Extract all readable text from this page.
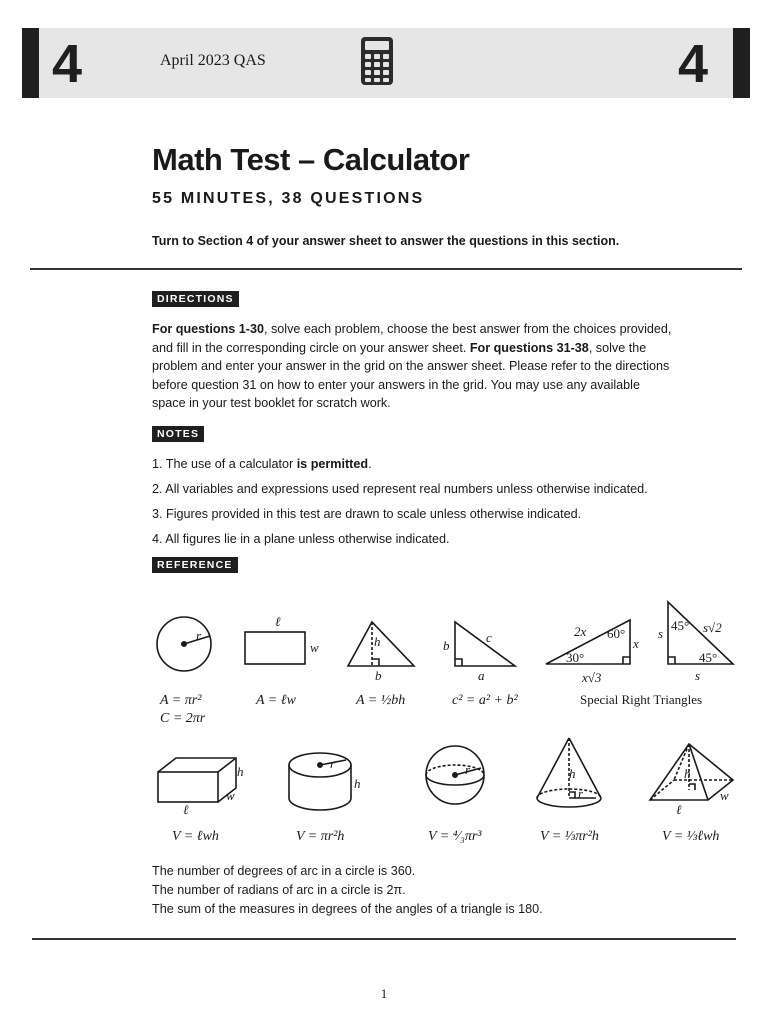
4	April 2023 QAS	4
Math Test – Calculator
55 MINUTES, 38 QUESTIONS
Turn to Section 4 of your answer sheet to answer the questions in this section.
DIRECTIONS
For questions 1-30, solve each problem, choose the best answer from the choices provided, and fill in the corresponding circle on your answer sheet. For questions 31-38, solve the problem and enter your answer in the grid on the answer sheet. Please refer to the directions before question 31 on how to enter your answers in the grid. You may use any available space in your test booklet for scratch work.
NOTES
1. The use of a calculator is permitted.
2. All variables and expressions used represent real numbers unless otherwise indicated.
3. Figures provided in this test are drawn to scale unless otherwise indicated.
4. All figures lie in a plane unless otherwise indicated.
REFERENCE
r
ℓ
w	h
b
b
c
a
2x 60°
x
30°
x√3
45°
s	s√2
45°
s
h
w
ℓ
r
h
r	h
r
h
ℓ
w
A = πr²
C = 2πr
A = ℓw	A = ½bh	c² = a² + b²	Special Right Triangles
V = ℓwh	V = πr²h	V = ⁴⁄₃πr³	V = ⅓πr²h	V = ⅓ℓwh
The number of degrees of arc in a circle is 360.
The number of radians of arc in a circle is 2π.
The sum of the measures in degrees of the angles of a triangle is 180.
1
